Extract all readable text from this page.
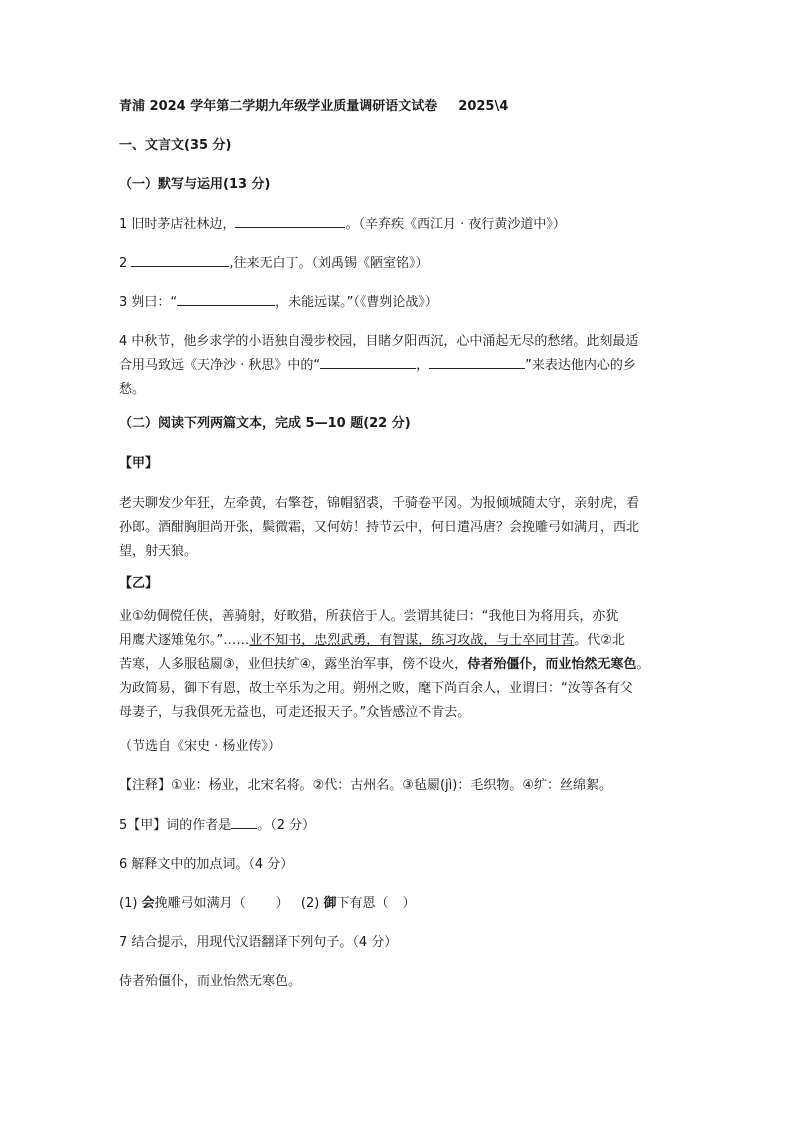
青浦 2024 学年第二学期九年级学业质量调研语文试卷 2025\4
一、文言文(35 分)
（一）默写与运用(13 分)
1 旧时茅店社林边，	。（辛弃疾《西江月 · 夜行黄沙道中》）
2	,往来无白丁。（刘禹锡《陋室铭》）
3 刿曰：“	，未能远谋。”（《曹刿论战》）
4 中秋节，他乡求学的小语独自漫步校园，目睹夕阳西沉，心中涌起无尽的愁绪。此刻最适
合用马致远《天净沙 · 秋思》中的“	，	”来表达他内心的乡
愁。
（二）阅读下列两篇文本，完成 5—10 题(22 分)
【甲】
老夫聊发少年狂，左牵黄，右擎苍，锦帽貂裘，千骑卷平冈。为报倾城随太守，亲射虎，看
孙郎。酒酣胸胆尚开张，鬓微霜，又何妨！持节云中，何日遣冯唐？会挽雕弓如满月，西北
望，射天狼。
【乙】
业①幼倜傥任侠，善骑射，好畋猎，所获倍于人。尝谓其徒曰：“我他日为将用兵，亦犹
用鹰犬逐雉兔尔。”……业不知书，忠烈武勇，有智谋，练习攻战，与士卒同甘苦。代②北
苦寒，人多服毡罽③，业但扶纩④，露坐治军事，傍不设火，侍者殆僵仆，而业怡然无寒色。
为政简易，御下有恩，故士卒乐为之用。朔州之败，麾下尚百余人，业谓曰：“汝等各有父
母妻子，与我俱死无益也，可走还报天子。”众皆感泣不肯去。
（节选自《宋史 · 杨业传》）
【注释】①业：杨业，北宋名将。②代：古州名。③毡罽(jì)：毛织物。④纩：丝绵絮。
5【甲】词的作者是 。（2 分）
6 解释文中的加点词。（4 分）
(1) 会挽雕弓如满月（ ） (2) 御下有恩（ ）
7 结合提示，用现代汉语翻译下列句子。（4 分）
侍者殆僵仆，而业怡然无寒色。
